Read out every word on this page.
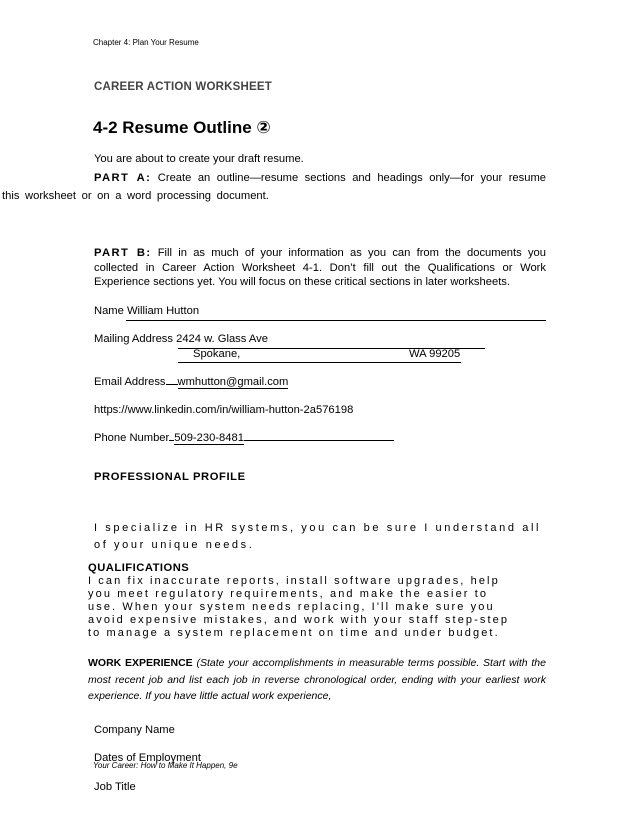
Chapter 4: Plan Your Resume
CAREER ACTION WORKSHEET
4-2 Resume Outline ②
You are about to create your draft resume.
PART A: Create an outline—resume sections and headings only—for your resume
this worksheet or on a word processing document.
PART B: Fill in as much of your information as you can from the documents you
collected in Career Action Worksheet 4-1. Don’t fill out the Qualifications or Work
Experience sections yet. You will focus on these critical sections in later worksheets.
Name William Hutton
Mailing Address 2424 w. Glass Ave
Spokane,	WA 99205
Email Address wmhutton@gmail.com
https://www.linkedin.com/in/william-hutton-2a576198
Phone Number 509-230-8481
PROFESSIONAL PROFILE
I specialize in HR systems, you can be sure I understand all
of your unique needs.
QUALIFICATIONS
I can fix inaccurate reports, install software upgrades, help
you meet regulatory requirements, and make the easier to
use. When your system needs replacing, I'll make sure you
avoid expensive mistakes, and work with your staff step-step
to manage a system replacement on time and under budget.
WORK EXPERIENCE (State your accomplishments in measurable terms possible. Start with the most recent job and list each job in reverse chronological order, ending with your earliest work experience. If you have little actual work experience,
Company Name
Dates of Employment
Your Career: How to Make It Happen, 9e
Job Title
